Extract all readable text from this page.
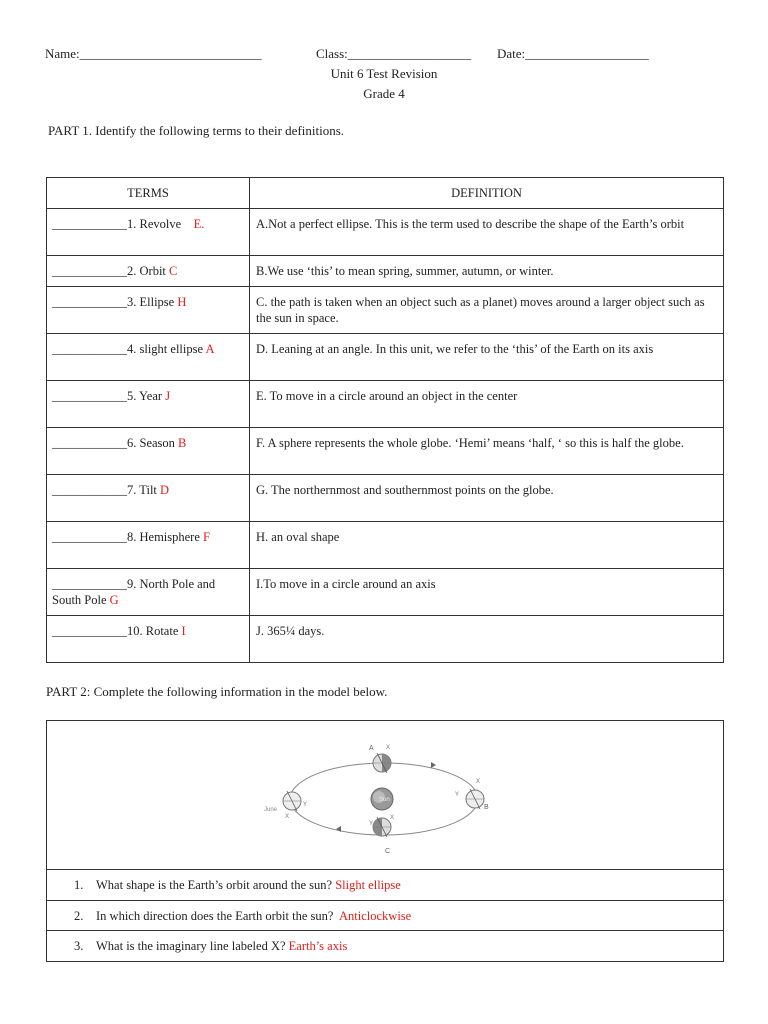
Name:____________________________	Class:___________________ Date:___________________
Unit 6 Test Revision
Grade 4
PART 1. Identify the following terms to their definitions.
TERMS	DEFINITION
____________1. Revolve E.	A.Not a perfect ellipse. This is the term used to describe the shape of the Earth’s orbit
____________2. Orbit C	B.We use ‘this’ to mean spring, summer, autumn, or winter.
____________3. Ellipse H	C. the path is taken when an object such as a planet) moves around a larger object such as the sun in space.
____________4. slight ellipse A	D. Leaning at an angle. In this unit, we refer to the ‘this’ of the Earth on its axis
____________5. Year J	E. To move in a circle around an object in the center
____________6. Season B	F. A sphere represents the whole globe. ‘Hemi’ means ‘half, ‘ so this is half the globe.
____________7. Tilt D	G. The northernmost and southernmost points on the globe.
____________8. Hemisphere F	H. an oval shape
____________9. North Pole and South Pole G	I.To move in a circle around an axis
____________10. Rotate I	J. 365¼ days.
PART 2: Complete the following information in the model below.
Sun
A X
C
X
Y
June
X
Y	B
X
Y
1. What shape is the Earth’s orbit around the sun? Slight ellipse
2. In which direction does the Earth orbit the sun? Anticlockwise
3. What is the imaginary line labeled X? Earth’s axis
